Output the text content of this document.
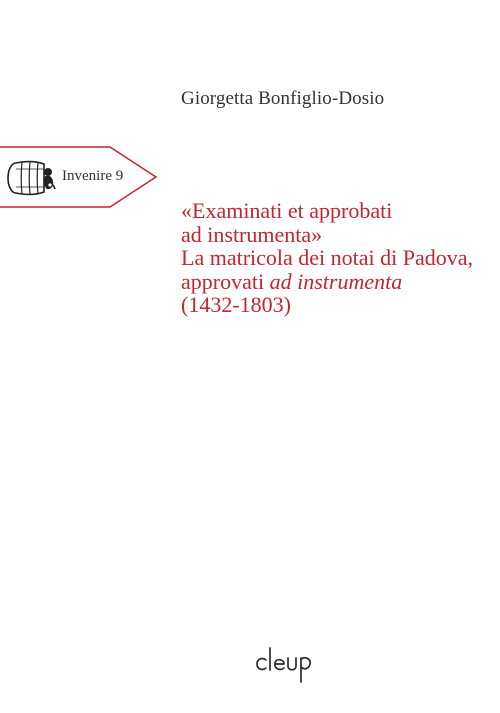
Giorgetta Bonfiglio-Dosio
Invenire 9
«Examinati et approbati
ad instrumenta»
La matricola dei notai di Padova,
approvati ad instrumenta
(1432-1803)
